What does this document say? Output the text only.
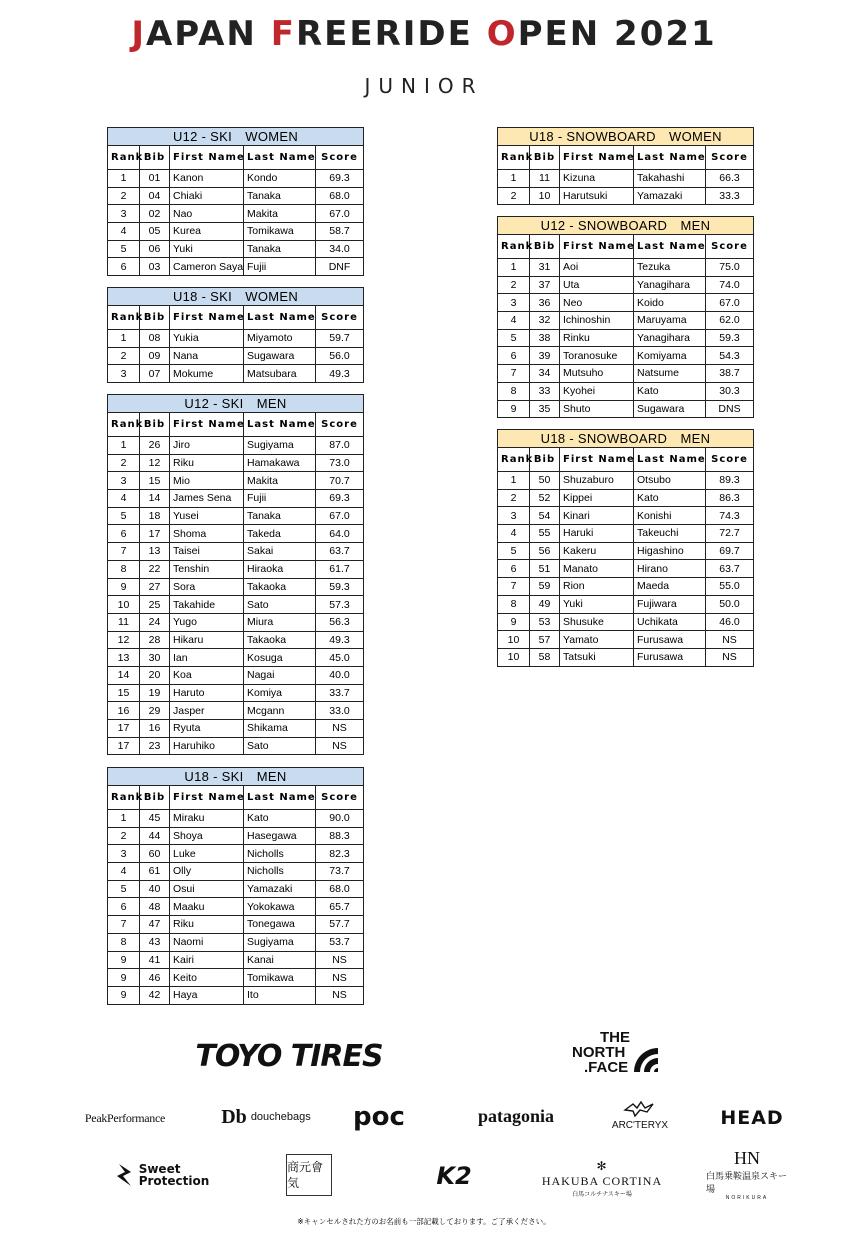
JAPAN FREERIDE OPEN 2021
JUNIOR
U12 - SKI　WOMEN				
Rank	Bib	First Name	Last Name	Score
1	01	Kanon	Kondo	69.3
2	04	Chiaki	Tanaka	68.0
3	02	Nao	Makita	67.0
4	05	Kurea	Tomikawa	58.7
5	06	Yuki	Tanaka	34.0
6	03	Cameron Saya	Fujii	DNF
U18 - SKI　WOMEN				
Rank	Bib	First Name	Last Name	Score
1	08	Yukia	Miyamoto	59.7
2	09	Nana	Sugawara	56.0
3	07	Mokume	Matsubara	49.3
U12 - SKI　MEN				
Rank	Bib	First Name	Last Name	Score
1	26	Jiro	Sugiyama	87.0
2	12	Riku	Hamakawa	73.0
3	15	Mio	Makita	70.7
4	14	James Sena	Fujii	69.3
5	18	Yusei	Tanaka	67.0
6	17	Shoma	Takeda	64.0
7	13	Taisei	Sakai	63.7
8	22	Tenshin	Hiraoka	61.7
9	27	Sora	Takaoka	59.3
10	25	Takahide	Sato	57.3
11	24	Yugo	Miura	56.3
12	28	Hikaru	Takaoka	49.3
13	30	Ian	Kosuga	45.0
14	20	Koa	Nagai	40.0
15	19	Haruto	Komiya	33.7
16	29	Jasper	Mcgann	33.0
17	16	Ryuta	Shikama	NS
17	23	Haruhiko	Sato	NS
U18 - SKI　MEN				
Rank	Bib	First Name	Last Name	Score
1	45	Miraku	Kato	90.0
2	44	Shoya	Hasegawa	88.3
3	60	Luke	Nicholls	82.3
4	61	Olly	Nicholls	73.7
5	40	Osui	Yamazaki	68.0
6	48	Maaku	Yokokawa	65.7
7	47	Riku	Tonegawa	57.7
8	43	Naomi	Sugiyama	53.7
9	41	Kairi	Kanai	NS
9	46	Keito	Tomikawa	NS
9	42	Haya	Ito	NS
U18 - SNOWBOARD　WOMEN				
Rank	Bib	First Name	Last Name	Score
1	11	Kizuna	Takahashi	66.3
2	10	Harutsuki	Yamazaki	33.3
U12 - SNOWBOARD　MEN				
Rank	Bib	First Name	Last Name	Score
1	31	Aoi	Tezuka	75.0
2	37	Uta	Yanagihara	74.0
3	36	Neo	Koido	67.0
4	32	Ichinoshin	Maruyama	62.0
5	38	Rinku	Yanagihara	59.3
6	39	Toranosuke	Komiyama	54.3
7	34	Mutsuho	Natsume	38.7
8	33	Kyohei	Kato	30.3
9	35	Shuto	Sugawara	DNS
U18 - SNOWBOARD　MEN				
Rank	Bib	First Name	Last Name	Score
1	50	Shuzaburo	Otsubo	89.3
2	52	Kippei	Kato	86.3
3	54	Kinari	Konishi	74.3
4	55	Haruki	Takeuchi	72.7
5	56	Kakeru	Higashino	69.7
6	51	Manato	Hirano	63.7
7	59	Rion	Maeda	55.0
8	49	Yuki	Fujiwara	50.0
9	53	Shusuke	Uchikata	46.0
10	57	Yamato	Furusawa	NS
10	58	Tatsuki	Furusawa	NS
TOYO TIRES
THE
NORTH
.FACE
PeakPerformance	Db douchebags poc	patagonia	ARC'TERYX	HEAD
Sweet
Protection
商元會気	K2	✻
HAKUBA CORTINA
白馬コルチナスキー場
HN
白馬乗鞍温泉スキー場
NORIKURA
※キャンセルされた方のお名前も一部記載しております。ご了承ください。
